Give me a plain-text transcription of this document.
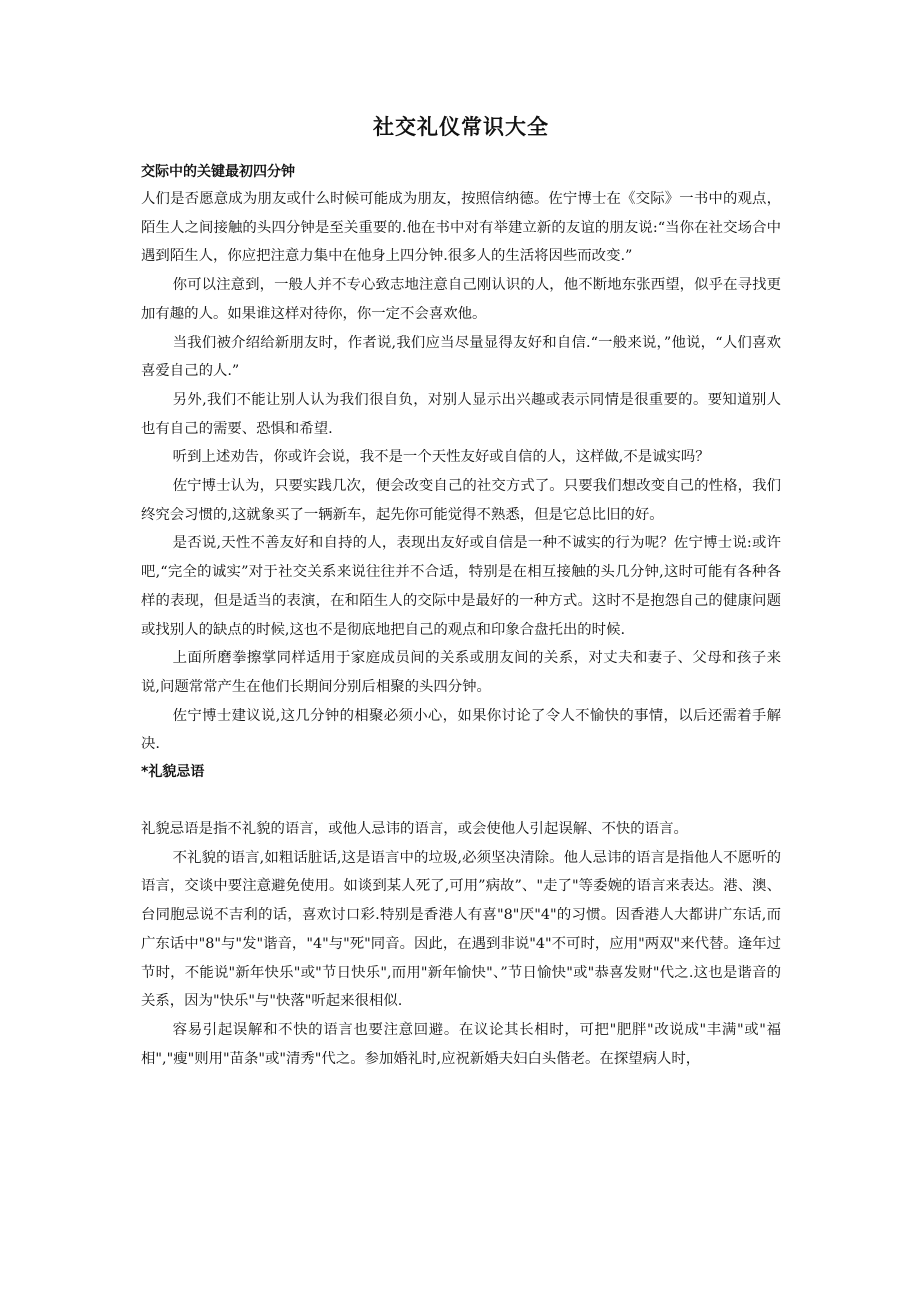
社交礼仪常识大全
交际中的关键最初四分钟

人们是否愿意成为朋友或什么时候可能成为朋友，按照信纳德。佐宁博士在《交际》一书中的观点，陌生人之间接触的头四分钟是至关重要的.他在书中对有举建立新的友谊的朋友说:“当你在社交场合中遇到陌生人，你应把注意力集中在他身上四分钟.很多人的生活将因些而改变.”

你可以注意到，一般人并不专心致志地注意自己刚认识的人，他不断地东张西望，似乎在寻找更加有趣的人。如果谁这样对待你，你一定不会喜欢他。

当我们被介绍给新朋友时，作者说,我们应当尽量显得友好和自信.“一般来说，”他说，“人们喜欢喜爱自己的人.”

另外,我们不能让别人认为我们很自负，对别人显示出兴趣或表示同情是很重要的。要知道别人也有自己的需要、恐惧和希望.

听到上述劝告，你或许会说，我不是一个天性友好或自信的人，这样做,不是诚实吗？

佐宁博士认为，只要实践几次，便会改变自己的社交方式了。只要我们想改变自己的性格，我们终究会习惯的,这就象买了一辆新车，起先你可能觉得不熟悉，但是它总比旧的好。

是否说,天性不善友好和自持的人，表现出友好或自信是一种不诚实的行为呢？佐宁博士说:或许吧,“完全的诚实”对于社交关系来说往往并不合适，特别是在相互接触的头几分钟,这时可能有各种各样的表现，但是适当的表演，在和陌生人的交际中是最好的一种方式。这时不是抱怨自己的健康问题或找别人的缺点的时候,这也不是彻底地把自己的观点和印象合盘托出的时候.

上面所磨拳擦掌同样适用于家庭成员间的关系或朋友间的关系，对丈夫和妻子、父母和孩子来说,问题常常产生在他们长期间分别后相聚的头四分钟。

佐宁博士建议说,这几分钟的相聚必须小心，如果你讨论了令人不愉快的事情，以后还需着手解决.

*礼貌忌语

礼貌忌语是指不礼貌的语言，或他人忌讳的语言，或会使他人引起误解、不快的语言。

不礼貌的语言,如粗话脏话,这是语言中的垃圾,必须坚决清除。他人忌讳的语言是指他人不愿听的语言，交谈中要注意避免使用。如谈到某人死了,可用”病故”、"走了"等委婉的语言来表达。港、澳、台同胞忌说不吉利的话，喜欢讨口彩.特别是香港人有喜"8"厌"4"的习惯。因香港人大都讲广东话,而广东话中"8"与"发"谐音，"4"与"死"同音。因此，在遇到非说"4"不可时，应用"两双"来代替。逢年过节时，不能说"新年快乐"或"节日快乐",而用"新年愉快"、”节日愉快"或"恭喜发财"代之.这也是谐音的关系，因为"快乐"与"快落"听起来很相似.

容易引起误解和不快的语言也要注意回避。在议论其长相时，可把"肥胖"改说成"丰满"或"福相","瘦"则用"苗条"或"清秀"代之。参加婚礼时,应祝新婚夫妇白头偕老。在探望病人时，
